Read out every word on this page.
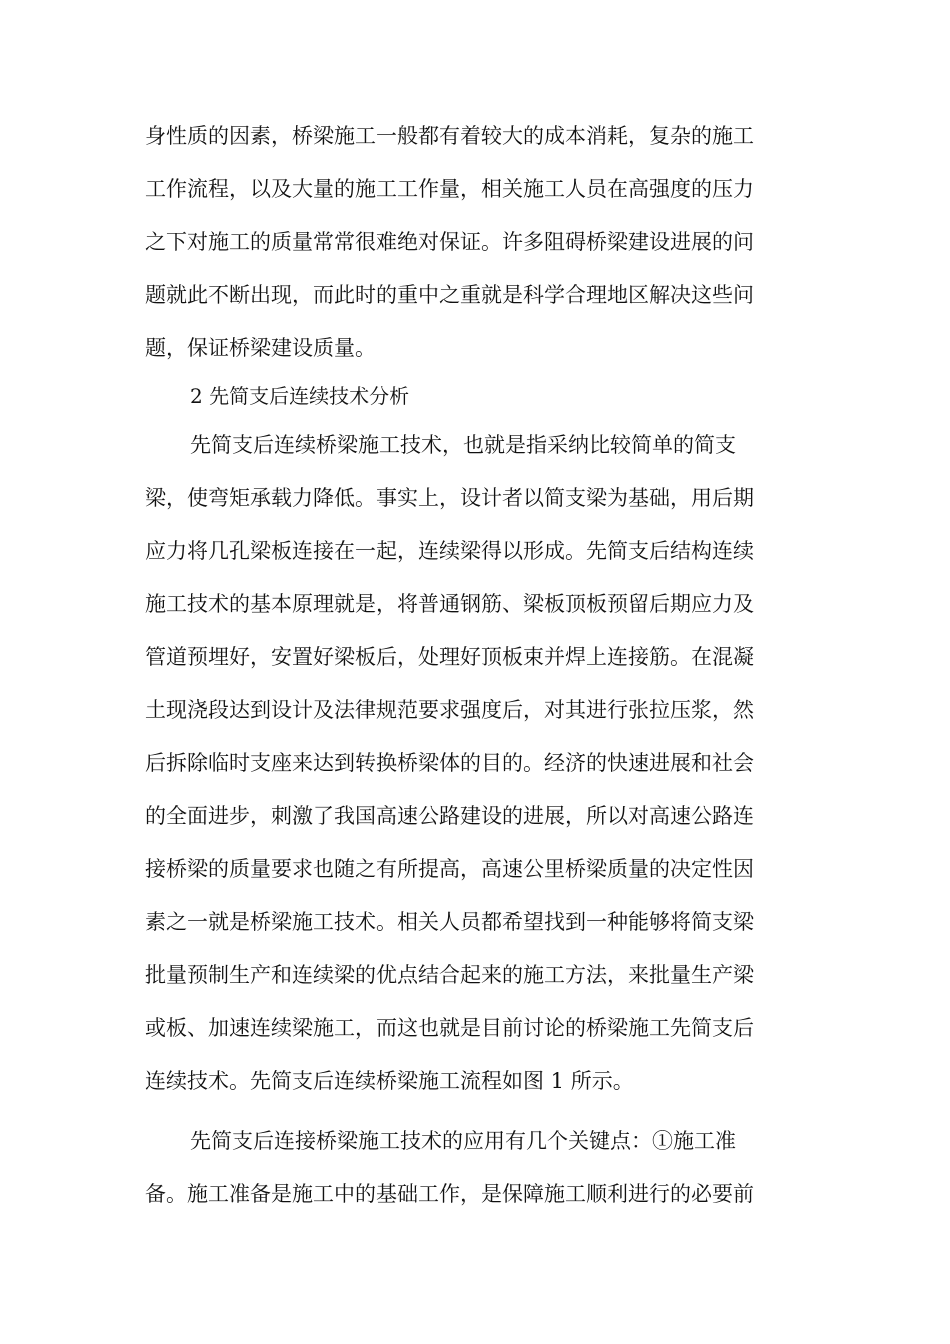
身性质的因素，桥梁施工一般都有着较大的成本消耗，复杂的施工
工作流程，以及大量的施工工作量，相关施工人员在高强度的压力
之下对施工的质量常常很难绝对保证。许多阻碍桥梁建设进展的问
题就此不断出现，而此时的重中之重就是科学合理地区解决这些问
题，保证桥梁建设质量。
2 先简支后连续技术分析
先简支后连续桥梁施工技术，也就是指采纳比较简单的简支
梁，使弯矩承载力降低。事实上，设计者以简支梁为基础，用后期
应力将几孔梁板连接在一起，连续梁得以形成。先简支后结构连续
施工技术的基本原理就是，将普通钢筋、梁板顶板预留后期应力及
管道预埋好，安置好梁板后，处理好顶板束并焊上连接筋。在混凝
土现浇段达到设计及法律规范要求强度后，对其进行张拉压浆，然
后拆除临时支座来达到转换桥梁体的目的。经济的快速进展和社会
的全面进步，刺激了我国高速公路建设的进展，所以对高速公路连
接桥梁的质量要求也随之有所提高，高速公里桥梁质量的决定性因
素之一就是桥梁施工技术。相关人员都希望找到一种能够将简支梁
批量预制生产和连续梁的优点结合起来的施工方法，来批量生产梁
或板、加速连续梁施工，而这也就是目前讨论的桥梁施工先简支后
连续技术。先简支后连续桥梁施工流程如图 1 所示。
先简支后连接桥梁施工技术的应用有几个关键点：①施工准
备。施工准备是施工中的基础工作，是保障施工顺利进行的必要前
